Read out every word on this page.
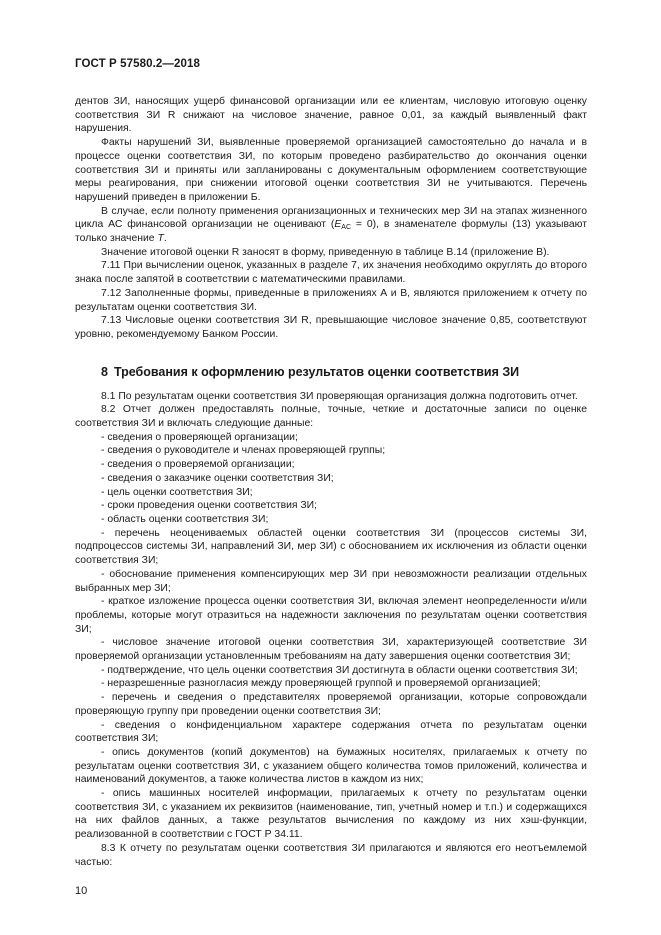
ГОСТ Р 57580.2—2018

дентов ЗИ, наносящих ущерб финансовой организации или ее клиентам, числовую итоговую оценку соответствия ЗИ R снижают на числовое значение, равное 0,01, за каждый выявленный факт нарушения.

Факты нарушений ЗИ, выявленные проверяемой организацией самостоятельно до начала и в процессе оценки соответствия ЗИ, по которым проведено разбирательство до окончания оценки соответствия ЗИ и приняты или запланированы с документальным оформлением соответствующие меры реагирования, при снижении итоговой оценки соответствия ЗИ не учитываются. Перечень нарушений приведен в приложении Б.

В случае, если полноту применения организационных и технических мер ЗИ на этапах жизненного цикла АС финансовой организации не оценивают $(E_{AC} = 0)$, в знаменателе формулы (13) указывают только значение T.

Значение итоговой оценки R заносят в форму, приведенную в таблице В.14 (приложение В).

7.11 При вычислении оценок, указанных в разделе 7, их значения необходимо округлять до второго знака после запятой в соответствии с математическими правилами.

7.12 Заполненные формы, приведенные в приложениях А и В, являются приложением к отчету по результатам оценки соответствия ЗИ.

7.13 Числовые оценки соответствия ЗИ R, превышающие числовое значение 0,85, соответствуют уровню, рекомендуемому Банком России.

8 Требования к оформлению результатов оценки соответствия ЗИ

8.1 По результатам оценки соответствия ЗИ проверяющая организация должна подготовить отчет.

8.2 Отчет должен предоставлять полные, точные, четкие и достаточные записи по оценке соответствия ЗИ и включать следующие данные:

- сведения о проверяющей организации;

- сведения о руководителе и членах проверяющей группы;

- сведения о проверяемой организации;

- сведения о заказчике оценки соответствия ЗИ;

- цель оценки соответствия ЗИ;

- сроки проведения оценки соответствия ЗИ;

- область оценки соответствия ЗИ;

- перечень неоцениваемых областей оценки соответствия ЗИ (процессов системы ЗИ, подпроцессов системы ЗИ, направлений ЗИ, мер ЗИ) с обоснованием их исключения из области оценки соответствия ЗИ;

- обоснование применения компенсирующих мер ЗИ при невозможности реализации отдельных выбранных мер ЗИ;

- краткое изложение процесса оценки соответствия ЗИ, включая элемент неопределенности и/или проблемы, которые могут отразиться на надежности заключения по результатам оценки соответствия ЗИ;

- числовое значение итоговой оценки соответствия ЗИ, характеризующей соответствие ЗИ проверяемой организации установленным требованиям на дату завершения оценки соответствия ЗИ;

- подтверждение, что цель оценки соответствия ЗИ достигнута в области оценки соответствия ЗИ;

- неразрешенные разногласия между проверяющей группой и проверяемой организацией;

- перечень и сведения о представителях проверяемой организации, которые сопровождали проверяющую группу при проведении оценки соответствия ЗИ;

- сведения о конфиденциальном характере содержания отчета по результатам оценки соответствия ЗИ;

- опись документов (копий документов) на бумажных носителях, прилагаемых к отчету по результатам оценки соответствия ЗИ, с указанием общего количества томов приложений, количества и наименований документов, а также количества листов в каждом из них;

- опись машинных носителей информации, прилагаемых к отчету по результатам оценки соответствия ЗИ, с указанием их реквизитов (наименование, тип, учетный номер и т.п.) и содержащихся на них файлов данных, а также результатов вычисления по каждому из них хэш-функции, реализованной в соответствии с ГОСТ Р 34.11.

8.3 К отчету по результатам оценки соответствия ЗИ прилагаются и являются его неотъемлемой частью:

10
